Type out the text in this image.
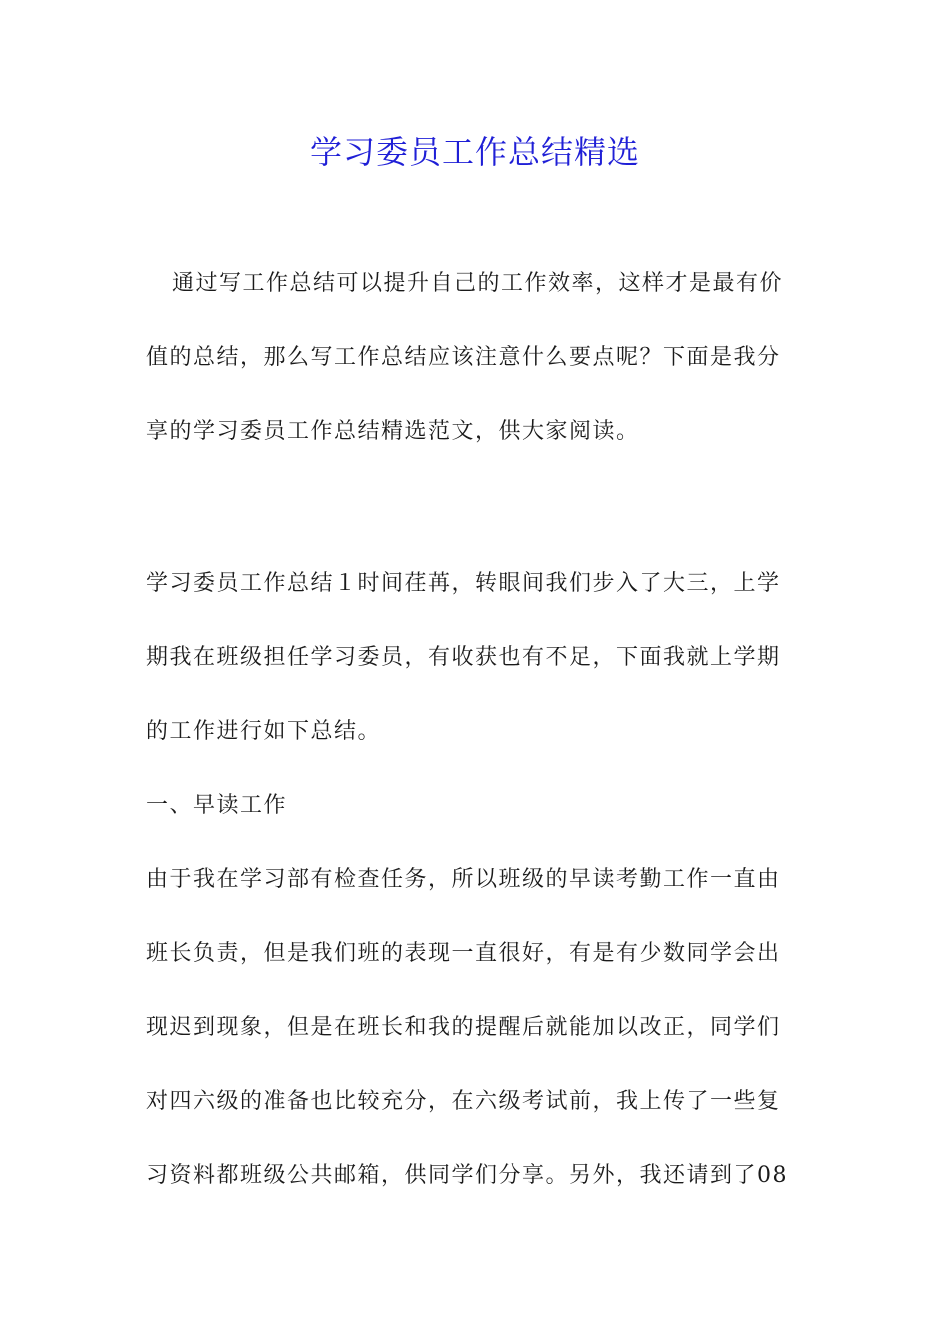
学习委员工作总结精选
通过写工作总结可以提升自己的工作效率，这样才是最有价
值的总结，那么写工作总结应该注意什么要点呢？下面是我分
享的学习委员工作总结精选范文，供大家阅读。
学习委员工作总结１时间荏苒，转眼间我们步入了大三，上学
期我在班级担任学习委员，有收获也有不足，下面我就上学期
的工作进行如下总结。
一、早读工作
由于我在学习部有检查任务，所以班级的早读考勤工作一直由
班长负责，但是我们班的表现一直很好，有是有少数同学会出
现迟到现象，但是在班长和我的提醒后就能加以改正，同学们
对四六级的准备也比较充分，在六级考试前，我上传了一些复
习资料都班级公共邮箱，供同学们分享。另外，我还请到了08
